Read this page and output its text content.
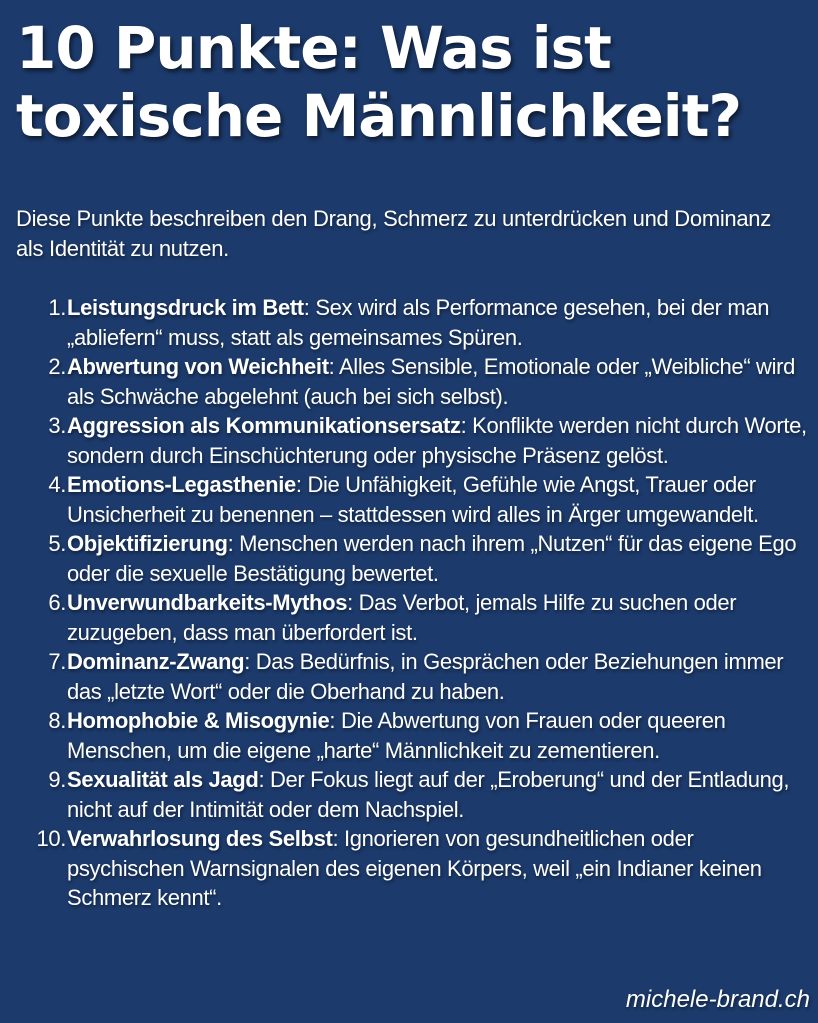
10 Punkte: Was ist toxische Männlichkeit?

Diese Punkte beschreiben den Drang, Schmerz zu unterdrücken und Dominanz als Identität zu nutzen.

1. Leistungsdruck im Bett: Sex wird als Performance gesehen, bei der man „abliefern“ muss, statt als gemeinsames Spüren.
2. Abwertung von Weichheit: Alles Sensible, Emotionale oder „Weibliche“ wird als Schwäche abgelehnt (auch bei sich selbst).
3. Aggression als Kommunikationsersatz: Konflikte werden nicht durch Worte, sondern durch Einschüchterung oder physische Präsenz gelöst.
4. Emotions-Legasthenie: Die Unfähigkeit, Gefühle wie Angst, Trauer oder Unsicherheit zu benennen – stattdessen wird alles in Ärger umgewandelt.
5. Objektifizierung: Menschen werden nach ihrem „Nutzen“ für das eigene Ego oder die sexuelle Bestätigung bewertet.
6. Unverwundbarkeits-Mythos: Das Verbot, jemals Hilfe zu suchen oder zuzugeben, dass man überfordert ist.
7. Dominanz-Zwang: Das Bedürfnis, in Gesprächen oder Beziehungen immer das „letzte Wort“ oder die Oberhand zu haben.
8. Homophobie & Misogynie: Die Abwertung von Frauen oder queeren Menschen, um die eigene „harte“ Männlichkeit zu zementieren.
9. Sexualität als Jagd: Der Fokus liegt auf der „Eroberung“ und der Entladung, nicht auf der Intimität oder dem Nachspiel.
10. Verwahrlosung des Selbst: Ignorieren von gesundheitlichen oder psychischen Warnsignalen des eigenen Körpers, weil „ein Indianer keinen Schmerz kennt“.
michele-brand.ch
